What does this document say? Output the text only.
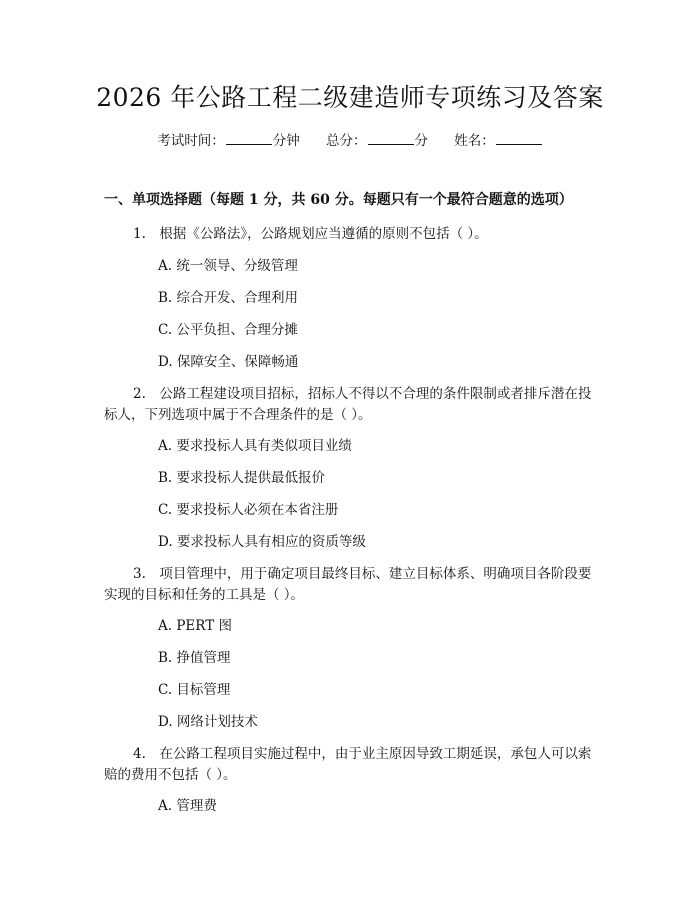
2026 年公路工程二级建造师专项练习及答案
考试时间：	分钟 总分：	分 姓名：
一、单项选择题（每题 1 分，共 60 分。每题只有一个最符合题意的选项）
1.　根据《公路法》，公路规划应当遵循的原则不包括（ ）。
A. 统一领导、分级管理
B. 综合开发、合理利用
C. 公平负担、合理分摊
D. 保障安全、保障畅通
2.　公路工程建设项目招标，招标人不得以不合理的条件限制或者排斥潜在投
标人，下列选项中属于不合理条件的是（ ）。
A. 要求投标人具有类似项目业绩
B. 要求投标人提供最低报价
C. 要求投标人必须在本省注册
D. 要求投标人具有相应的资质等级
3.　项目管理中，用于确定项目最终目标、建立目标体系、明确项目各阶段要
实现的目标和任务的工具是（ ）。
A. PERT 图
B. 挣值管理
C. 目标管理
D. 网络计划技术
4.　在公路工程项目实施过程中，由于业主原因导致工期延误，承包人可以索
赔的费用不包括（ ）。
A. 管理费
